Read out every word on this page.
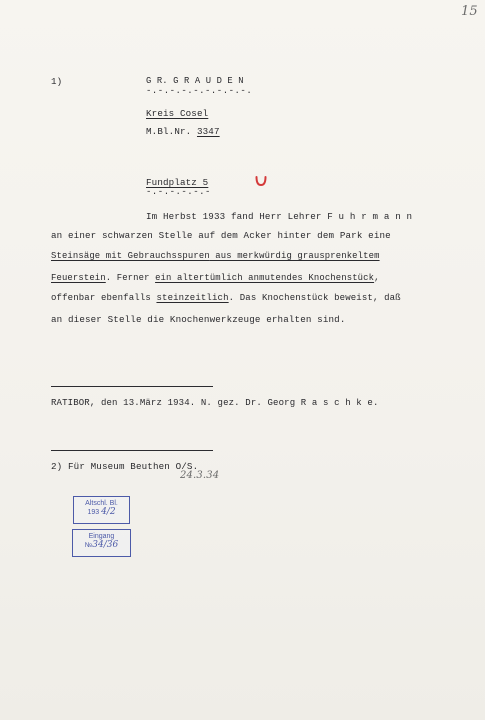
15
1)	G R. G R A U D E N
-.-.-.-.-.-.-.-.-.
Kreis Cosel
M.Bl.Nr. 3347
Fundplatz 5
-.-.-.-.-.-
Im Herbst 1933 fand Herr Lehrer F u h r m a n n
an einer schwarzen Stelle auf dem Acker hinter dem Park eine
Steinsäge mit Gebrauchsspuren aus merkwürdig grausprenkeltem
Feuerstein. Ferner ein altertümlich anmutendes Knochenstück,
offenbar ebenfalls steinzeitlich. Das Knochenstück beweist, daß
an dieser Stelle die Knochenwerkzeuge erhalten sind.
RATIBOR, den 13.März 1934. N. gez. Dr. Georg R a s c h k e.
2) Für Museum Beuthen O/S.
24.3.34
Altschl. Bl.
193 4/2
Eingang
№34/36
